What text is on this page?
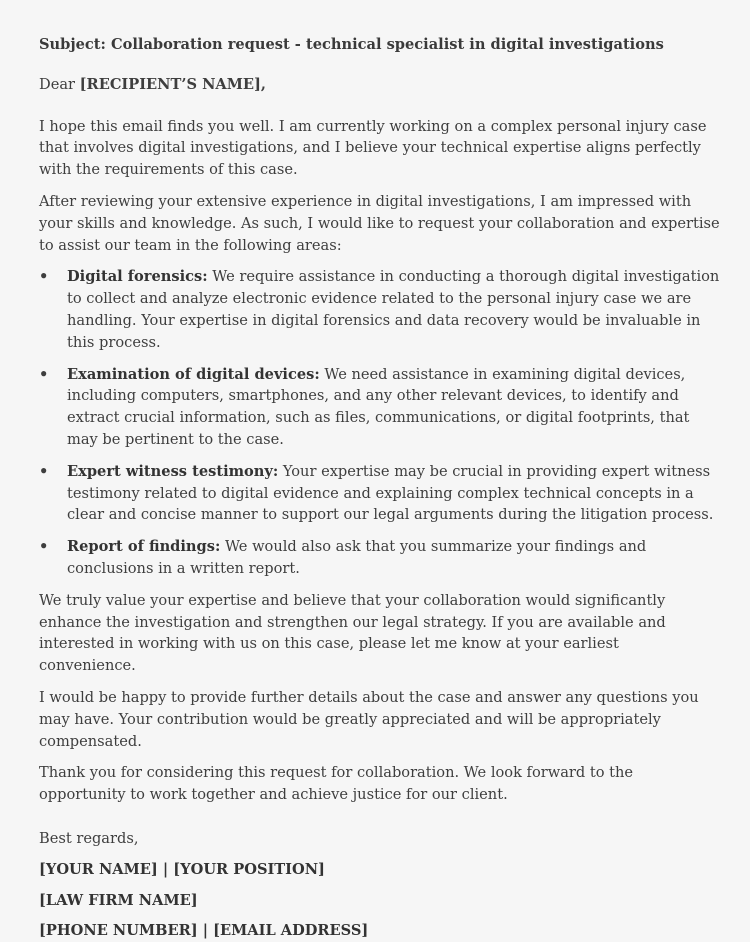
Subject: Collaboration request - technical specialist in digital investigations

Dear [RECIPIENT’S NAME],

I hope this email finds you well. I am currently working on a complex personal injury case that involves digital investigations, and I believe your technical expertise aligns perfectly with the requirements of this case.

After reviewing your extensive experience in digital investigations, I am impressed with your skills and knowledge. As such, I would like to request your collaboration and expertise to assist our team in the following areas:

• Digital forensics: We require assistance in conducting a thorough digital investigation to collect and analyze electronic evidence related to the personal injury case we are handling. Your expertise in digital forensics and data recovery would be invaluable in this process.
• Examination of digital devices: We need assistance in examining digital devices, including computers, smartphones, and any other relevant devices, to identify and extract crucial information, such as files, communications, or digital footprints, that may be pertinent to the case.
• Expert witness testimony: Your expertise may be crucial in providing expert witness testimony related to digital evidence and explaining complex technical concepts in a clear and concise manner to support our legal arguments during the litigation process.
• Report of findings: We would also ask that you summarize your findings and conclusions in a written report.

We truly value your expertise and believe that your collaboration would significantly enhance the investigation and strengthen our legal strategy. If you are available and interested in working with us on this case, please let me know at your earliest convenience.

I would be happy to provide further details about the case and answer any questions you may have. Your contribution would be greatly appreciated and will be appropriately compensated.

Thank you for considering this request for collaboration. We look forward to the opportunity to work together and achieve justice for our client.

Best regards,

[YOUR NAME] | [YOUR POSITION]

[LAW FIRM NAME]

[PHONE NUMBER] | [EMAIL ADDRESS]
